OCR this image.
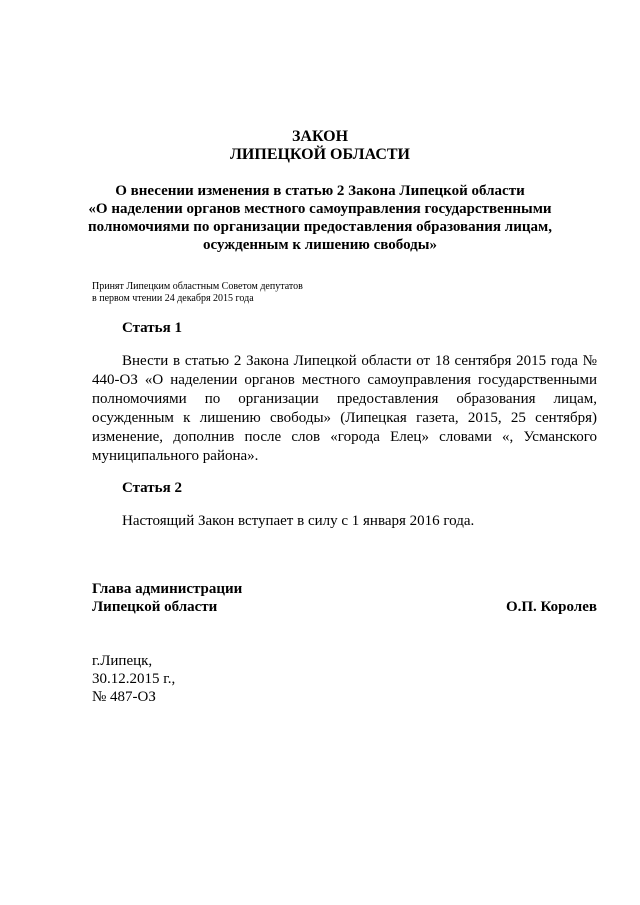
ЗАКОН
ЛИПЕЦКОЙ ОБЛАСТИ
О внесении изменения в статью 2 Закона Липецкой области
«О наделении органов местного самоуправления государственными
полномочиями по организации предоставления образования лицам,
осужденным к лишению свободы»
Принят Липецким областным Советом депутатов
в первом чтении 24 декабря 2015 года
Статья 1

Внести в статью 2 Закона Липецкой области от 18 сентября 2015 года № 440-ОЗ «О наделении органов местного самоуправления государственными полномочиями по организации предоставления образования лицам, осужденным к лишению свободы» (Липецкая газета, 2015, 25 сентября) изменение, дополнив после слов «города Елец» словами «, Усманского муниципального района».

Статья 2

Настоящий Закон вступает в силу с 1 января 2016 года.

Глава администрации
Липецкой области	О.П. Королев
г.Липецк,
30.12.2015 г.,
№ 487-ОЗ
